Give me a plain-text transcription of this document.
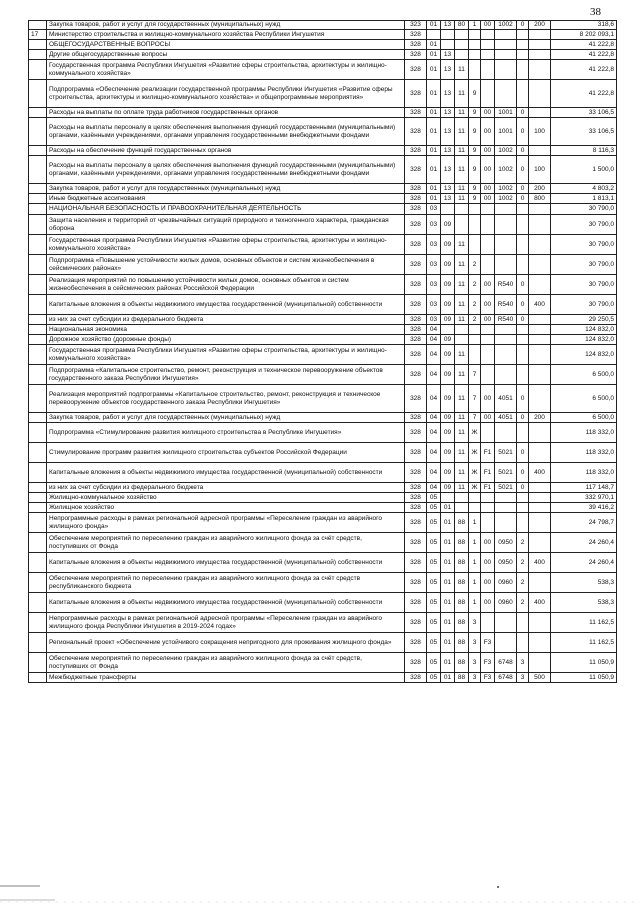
38
	Закупка товаров, работ и услуг для государственных (муниципальных) нужд	323	01	13	80	1	00	1002	0	200	318,6
17	Министерство строительства и жилищно-коммунального хозяйства Республики Ингушетия	328									8 202 093,1
	ОБЩЕГОСУДАРСТВЕННЫЕ ВОПРОСЫ	328	01								41 222,8
	Другие общегосударственные вопросы	328	01	13							41 222,8
	Государственная программа Республики Ингушетия «Развитие сферы строительства, архитектуры и жилищно-коммунального хозяйства»	328	01	13	11						41 222,8
	Подпрограмма «Обеспечение реализации государственной программы Республики Ингушетия «Развитие сферы строительства, архитектуры и жилищно-коммунального хозяйства» и общепрограммные мероприятия»	328	01	13	11	9					41 222,8
	Расходы на выплаты по оплате труда работников государственных органов	328	01	13	11	9	00	1001	0		33 106,5
	Расходы на выплаты персоналу в целях обеспечения выполнения функций государственными (муниципальными) органами, казёнными учреждениями, органами управления государственными внебюджетными фондами	328	01	13	11	9	00	1001	0	100	33 106,5
	Расходы на обеспечение функций государственных органов	328	01	13	11	9	00	1002	0		8 116,3
	Расходы на выплаты персоналу в целях обеспечения выполнения функций государственными (муниципальными) органами, казёнными учреждениями, органами управления государственными внебюджетными фондами	328	01	13	11	9	00	1002	0	100	1 500,0
	Закупка товаров, работ и услуг для государственных (муниципальных) нужд	328	01	13	11	9	00	1002	0	200	4 803,2
	Иные бюджетные ассигнования	328	01	13	11	9	00	1002	0	800	1 813,1
	НАЦИОНАЛЬНАЯ БЕЗОПАСНОСТЬ И ПРАВООХРАНИТЕЛЬНАЯ ДЕЯТЕЛЬНОСТЬ	328	03								30 790,0
	Защита населения и территорий от чрезвычайных ситуаций природного и техногенного характера, гражданская оборона	328	03	09							30 790,0
	Государственная программа Республики Ингушетия «Развитие сферы строительства, архитектуры и жилищно-коммунального хозяйства»	328	03	09	11						30 790,0
	Подпрограмма «Повышение устойчивости жилых домов, основных объектов и систем жизнеобеспечения в сейсмических районах»	328	03	09	11	2					30 790,0
	Реализация мероприятий по повышению устойчивости жилых домов, основных объектов и систем жизнеобеспечения в сейсмических районах Российской Федерации	328	03	09	11	2	00	R540	0		30 790,0
	Капитальные вложения в объекты недвижимого имущества государственной (муниципальной) собственности	328	03	09	11	2	00	R540	0	400	30 790,0
	из них за счет субсидии из федерального бюджета	328	03	09	11	2	00	R540	0		29 250,5
	Национальная экономика	328	04								124 832,0
	Дорожное хозяйство (дорожные фонды)	328	04	09							124 832,0
	Государственная программа Республики Ингушетия «Развитие сферы строительства, архитектуры и жилищно-коммунального хозяйства»	328	04	09	11						124 832,0
	Подпрограмма «Капитальное строительство, ремонт, реконструкция и техническое перевооружение объектов государственного заказа Республики Ингушетия»	328	04	09	11	7					6 500,0
	Реализация мероприятий подпрограммы «Капитальное строительство, ремонт, реконструкция и техническое перевооружение объектов государственного заказа Республики Ингушетия»	328	04	09	11	7	00	4051	0		6 500,0
	Закупка товаров, работ и услуг для государственных (муниципальных) нужд	328	04	09	11	7	00	4051	0	200	6 500,0
	Подпрограмма «Стимулирование развития жилищного строительства в Республике Ингушетия»	328	04	09	11	Ж					118 332,0
	Стимулирование программ развития жилищного строительства субъектов Российской Федерации	328	04	09	11	Ж	F1	5021	0		118 332,0
	Капитальные вложения в объекты недвижимого имущества государственной (муниципальной) собственности	328	04	09	11	Ж	F1	5021	0	400	118 332,0
	из них за счет субсидии из федерального бюджета	328	04	09	11	Ж	F1	5021	0		117 148,7
	Жилищно-коммунальное хозяйство	328	05								332 970,1
	Жилищное хозяйство	328	05	01							39 416,2
	Непрограммные расходы в рамках региональной адресной программы «Переселение граждан из аварийного жилищного фонда»	328	05	01	88	1					24 798,7
	Обеспечение мероприятий по переселению граждан из аварийного жилищного фонда за счёт средств, поступивших от Фонда	328	05	01	88	1	00	0950	2		24 260,4
	Капитальные вложения в объекты недвижимого имущества государственной (муниципальной) собственности	328	05	01	88	1	00	0950	2	400	24 260,4
	Обеспечение мероприятий по переселению граждан из аварийного жилищного фонда за счёт средств республиканского бюджета	328	05	01	88	1	00	0960	2		538,3
	Капитальные вложения в объекты недвижимого имущества государственной (муниципальной) собственности	328	05	01	88	1	00	0960	2	400	538,3
	Непрограммные расходы в рамках региональной адресной программы «Переселение граждан из аварийного жилищного фонда Республики Ингушетия в 2019-2024 годах»	328	05	01	88	3					11 162,5
	Региональный проект «Обеспечение устойчивого сокращения непригодного для проживания жилищного фонда»	328	05	01	88	3	F3				11 162,5
	Обеспечение мероприятий по переселению граждан из аварийного жилищного фонда за счёт средств, поступивших от Фонда	328	05	01	88	3	F3	6748	3		11 050,9
	Межбюджетные трансферты	328	05	01	88	3	F3	6748	3	500	11 050,9
